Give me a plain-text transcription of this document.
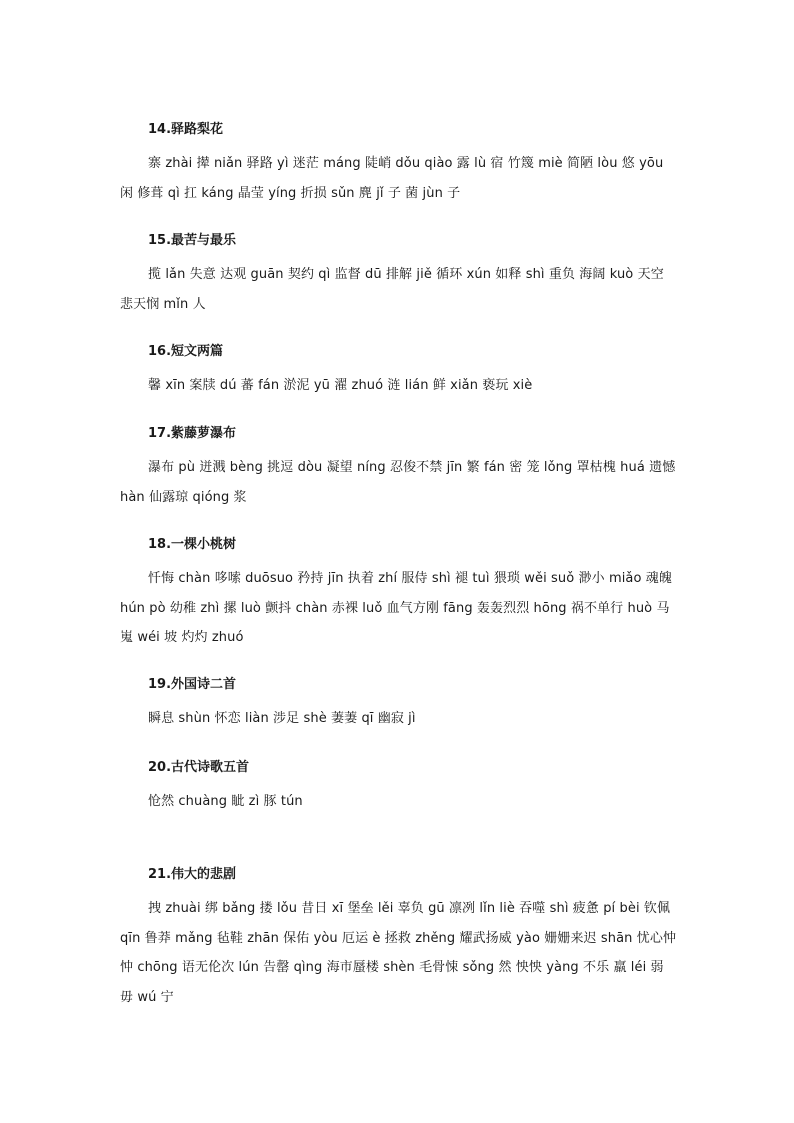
14.驿路梨花
寨 zhài 撵 niǎn 驿路 yì 迷茫 máng 陡峭 dǒu qiào 露 lù 宿 竹篾 miè 简陋 lòu 悠 yōu 闲 修葺 qì 扛 káng 晶莹 yíng 折损 sǔn 麂 jǐ 子 菌 jùn 子
15.最苦与最乐
揽 lǎn 失意 达观 guān 契约 qì 监督 dū 排解 jiě 循环 xún 如释 shì 重负 海阔 kuò 天空 悲天悯 mǐn 人
16.短文两篇
馨 xīn 案牍 dú 蕃 fán 淤泥 yū 濯 zhuó 涟 lián 鲜 xiǎn 亵玩 xiè
17.紫藤萝瀑布
瀑布 pù 迸溅 bèng 挑逗 dòu 凝望 níng 忍俊不禁 jīn 繁 fán 密 笼 lǒng 罩枯槐 huá 遗憾 hàn 仙露琼 qióng 浆
18.一棵小桃树
忏悔 chàn 哆嗦 duōsuo 矜持 jīn 执着 zhí 服侍 shì 褪 tuì 猥琐 wěi suǒ 渺小 miǎo 魂魄 hún pò 幼稚 zhì 摞 luò 颤抖 chàn 赤裸 luǒ 血气方刚 fāng 轰轰烈烈 hōng 祸不单行 huò 马嵬 wéi 坡 灼灼 zhuó
19.外国诗二首
瞬息 shùn 怀恋 liàn 涉足 shè 萋萋 qī 幽寂 jì
20.古代诗歌五首
怆然 chuàng 眦 zì 豚 tún
21.伟大的悲剧
拽 zhuài 绑 bǎng 搂 lǒu 昔日 xī 堡垒 lěi 辜负 gū 凛冽 lǐn liè 吞噬 shì 疲惫 pí bèi 钦佩 qīn 鲁莽 mǎng 毡鞋 zhān 保佑 yòu 厄运 è 拯救 zhěng 耀武扬威 yào 姗姗来迟 shān 忧心忡忡 chōng 语无伦次 lún 告罄 qìng 海市蜃楼 shèn 毛骨悚 sǒng 然 怏怏 yàng 不乐 羸 léi 弱 毋 wú 宁
